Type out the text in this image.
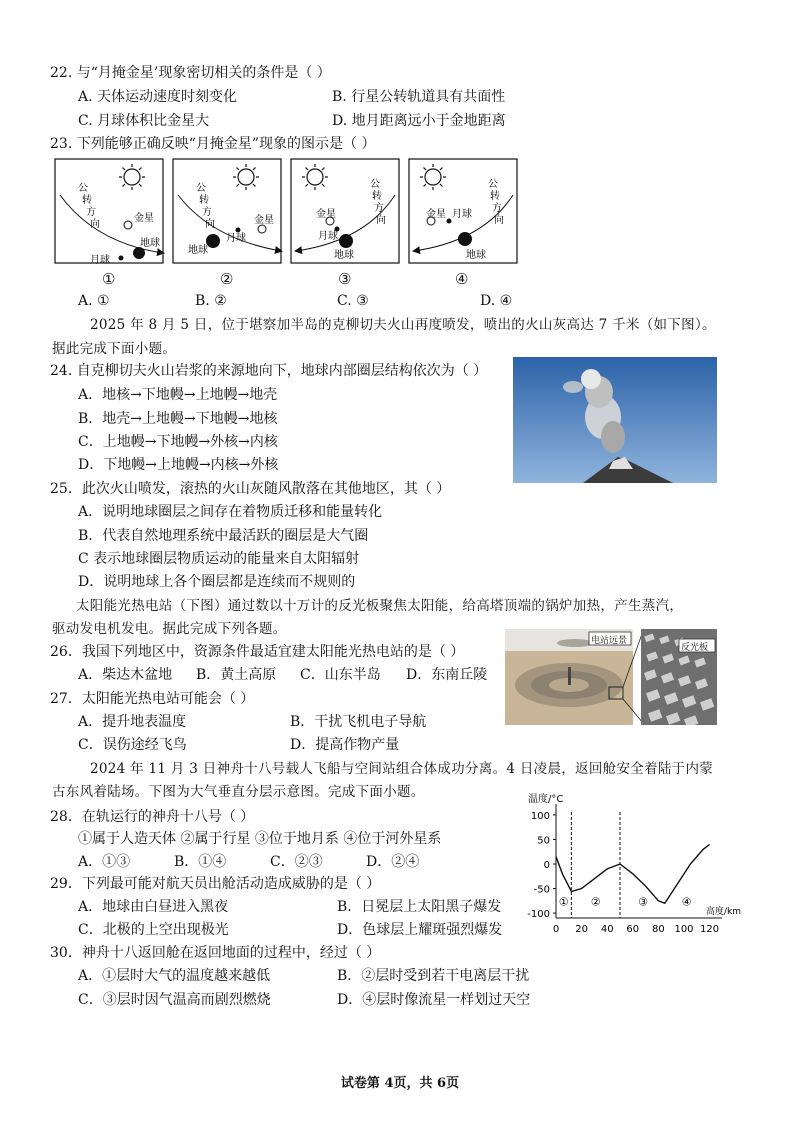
22. 与“月掩金星’现象密切相关的条件是（ ）
A. 天体运动速度时刻变化	B. 行星公转轨道具有共面性
C. 月球体积比金星大	D. 地月距离远小于金地距离
23. 下列能够正确反映“月掩金星”现象的图示是（ ）
公
转
方
向
金星
地球
月球
公
转
方
向	金星
月球
地球
公
转
方
向
金星
月球
地球
公
转
方
向
金星 月球
地球
①	②	③	④
A. ①	B. ②	C. ③	D. ④
2025 年 8 月 5 日，位于堪察加半岛的克柳切夫火山再度喷发，喷出的火山灰高达 7 千米（如下图）。
据此完成下面小题。
24. 自克柳切夫火山岩浆的来源地向下，地球内部圈层结构依次为（ ）
A．地核→下地幔→上地幔→地壳
B．地壳→上地幔→下地幔→地核
C．上地幔→下地幔→外核→内核
D．下地幔→上地幔→内核→外核
25．此次火山喷发，滚热的火山灰随风散落在其他地区，其（ ）
A．说明地球圈层之间存在着物质迁移和能量转化
B．代表自然地理系统中最活跃的圈层是大气圈
C 表示地球圈层物质运动的能量来自太阳辐射
D．说明地球上各个圈层都是连续而不规则的
太阳能光热电站（下图）通过数以十万计的反光板聚焦太阳能，给高塔顶端的锅炉加热，产生蒸汽，
驱动发电机发电。据此完成下列各题。
电站远景
反光板
26．我国下列地区中，资源条件最适宜建太阳能光热电站的是（ ）
A．柴达木盆地 B．黄土高原 C．山东半岛 D．东南丘陵
27．太阳能光热电站可能会（ ）
A．提升地表温度	B．干扰飞机电子导航
C．误伤途经飞鸟	D．提高作物产量
2024 年 11 月 3 日神舟十八号载人飞船与空间站组合体成功分离。4 日凌晨，返回舱安全着陆于内蒙
古东风着陆场。下图为大气垂直分层示意图。完成下面小题。
28．在轨运行的神舟十八号（ ）
①属于人造天体 ②属于行星 ③位于地月系 ④位于河外星系
A．①③	B．①④	C．②③	D．②④
29．下列最可能对航天员出舱活动造成威胁的是（ ）
A．地球由白昼进入黑夜	B．日冕层上太阳黑子爆发
C．北极的上空出现极光	D．色球层上耀斑强烈爆发
30．神舟十八返回舱在返回地面的过程中，经过（ ）
A．①层时大气的温度越来越低	B．②层时受到若干电离层干扰
C．③层时因气温高而剧烈燃烧	D．④层时像流星一样划过天空
温度/°C
高度/km
100
50
0
-50
-100
0 20 40 60 80 100 120
① ②	③	④
试卷第 4页，共 6页
